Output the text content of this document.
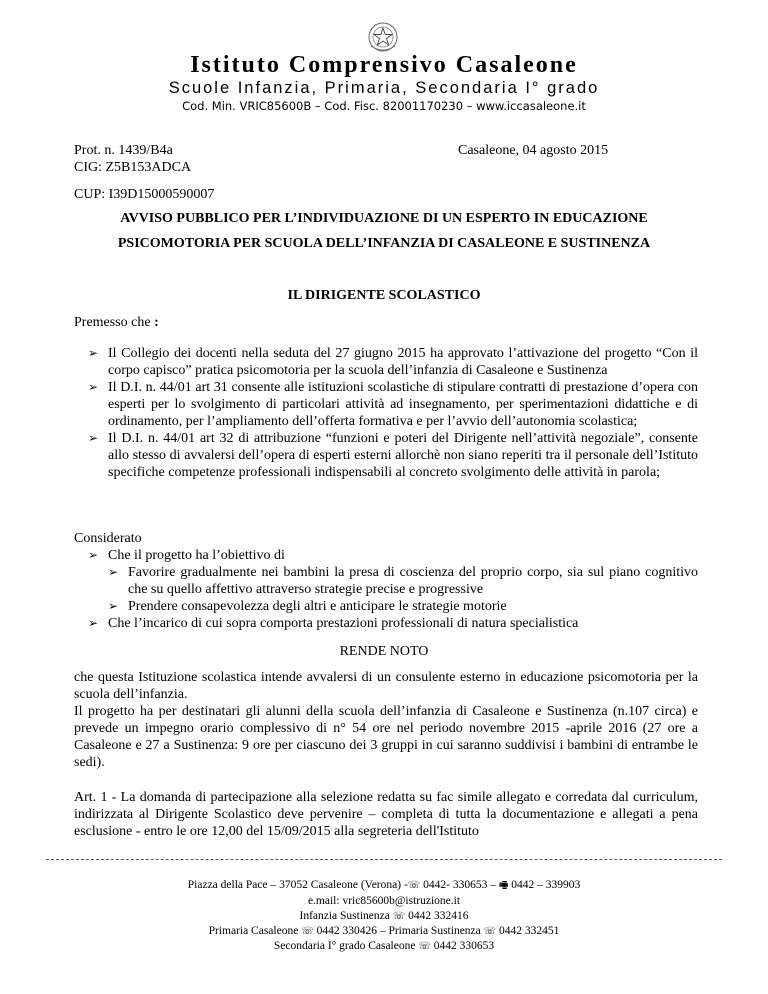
Istituto Comprensivo Casaleone
Scuole Infanzia, Primaria, Secondaria I° grado
Cod. Min. VRIC85600B – Cod. Fisc. 82001170230 – www.iccasaleone.it
Prot. n. 1439/B4a
CIG: Z5B153ADCA
Casaleone, 04 agosto 2015
CUP: I39D15000590007
AVVISO PUBBLICO PER L’INDIVIDUAZIONE DI UN ESPERTO IN EDUCAZIONE
PSICOMOTORIA PER SCUOLA DELL’INFANZIA DI CASALEONE E SUSTINENZA
IL DIRIGENTE SCOLASTICO
Premesso che :
➢ Il Collegio dei docenti nella seduta del 27 giugno 2015 ha approvato l’attivazione del progetto “Con il corpo capisco” pratica psicomotoria per la scuola dell’infanzia di Casaleone e Sustinenza
➢ Il D.I. n. 44/01 art 31 consente alle istituzioni scolastiche di stipulare contratti di prestazione d’opera con esperti per lo svolgimento di particolari attività ad insegnamento, per sperimentazioni didattiche e di ordinamento, per l’ampliamento dell’offerta formativa e per l’avvio dell’autonomia scolastica;
➢ Il D.I. n. 44/01 art 32 di attribuzione “funzioni e poteri del Dirigente nell’attività negoziale”, consente allo stesso di avvalersi dell’opera di esperti esterni allorchè non siano reperiti tra il personale dell’Istituto specifiche competenze professionali indispensabili al concreto svolgimento delle attività in parola;
Considerato
➢ Che il progetto ha l’obiettivo di
➢ Favorire gradualmente nei bambini la presa di coscienza del proprio corpo, sia sul piano cognitivo che su quello affettivo attraverso strategie precise e progressive
➢ Prendere consapevolezza degli altri e anticipare le strategie motorie
➢ Che l’incarico di cui sopra comporta prestazioni professionali di natura specialistica
RENDE NOTO

che questa Istituzione scolastica intende avvalersi di un consulente esterno in educazione psicomotoria per la scuola dell’infanzia.

Il progetto ha per destinatari gli alunni della scuola dell’infanzia di Casaleone e Sustinenza (n.107 circa) e prevede un impegno orario complessivo di n° 54 ore nel periodo novembre 2015 -aprile 2016 (27 ore a Casaleone e 27 a Sustinenza: 9 ore per ciascuno dei 3 gruppi in cui saranno suddivisi i bambini di entrambe le sedi).

Art. 1 - La domanda di partecipazione alla selezione redatta su fac simile allegato e corredata dal curriculum, indirizzata al Dirigente Scolastico deve pervenire – completa di tutta la documentazione e allegati a pena esclusione - entro le ore 12,00 del 15/09/2015 alla segreteria dell'Istituto

Piazza della Pace – 37052 Casaleone (Verona) -☏ 0442- 330653 – 🖷 0442 – 339903
e.mail: vric85600b@istruzione.it
Infanzia Sustinenza ☏ 0442 332416
Primaria Casaleone ☏ 0442 330426 – Primaria Sustinenza ☏ 0442 332451
Secondaria I° grado Casaleone ☏ 0442 330653
